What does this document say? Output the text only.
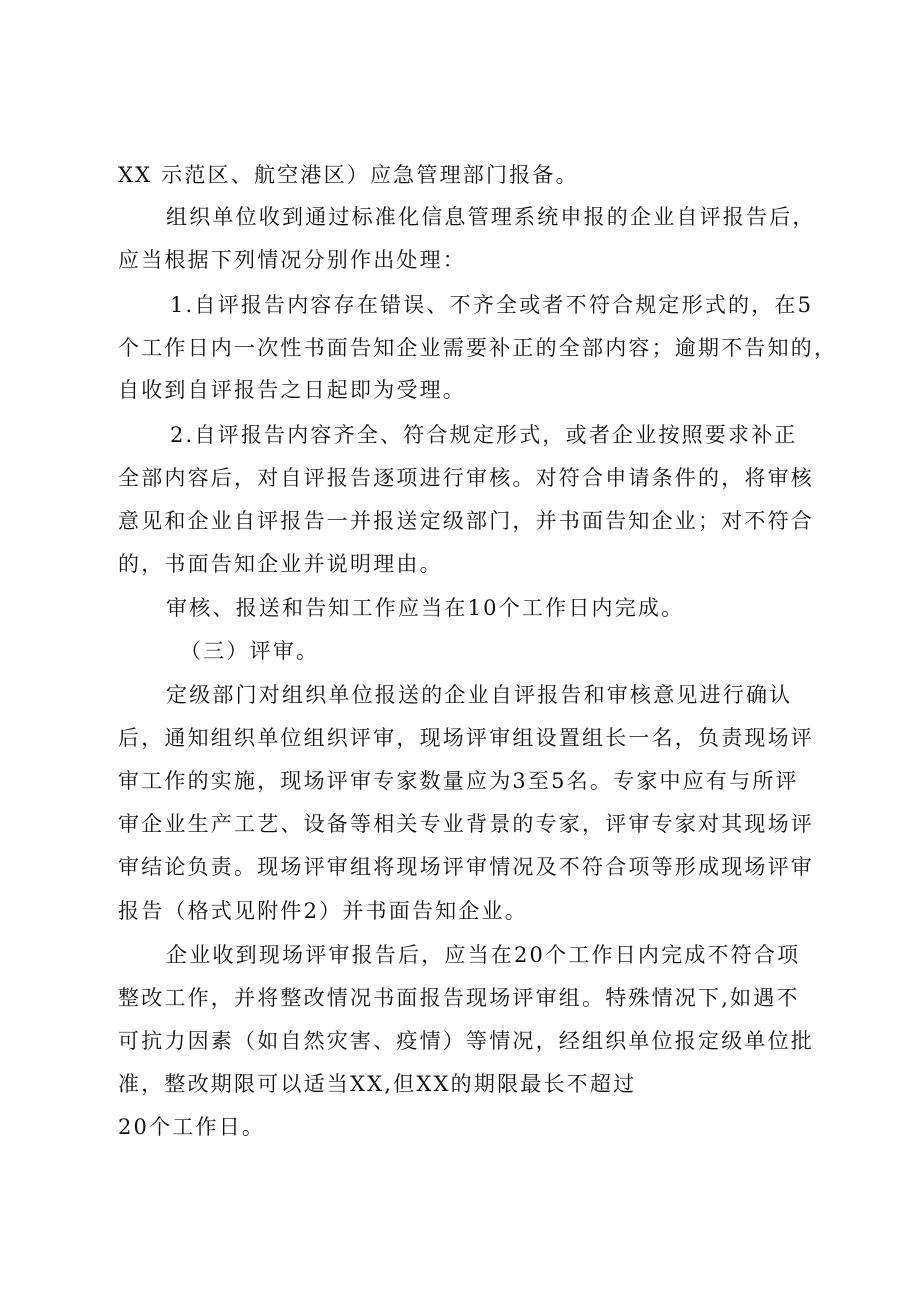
XX 示范区、航空港区）应急管理部门报备。
组织单位收到通过标准化信息管理系统申报的企业自评报告后，
应当根据下列情况分别作出处理：
1.自评报告内容存在错误、不齐全或者不符合规定形式的，在5
个工作日内一次性书面告知企业需要补正的全部内容；逾期不告知的，
自收到自评报告之日起即为受理。
2.自评报告内容齐全、符合规定形式，或者企业按照要求补正
全部内容后，对自评报告逐项进行审核。对符合申请条件的，将审核
意见和企业自评报告一并报送定级部门，并书面告知企业；对不符合
的，书面告知企业并说明理由。
审核、报送和告知工作应当在10个工作日内完成。
（三）评审。
定级部门对组织单位报送的企业自评报告和审核意见进行确认
后，通知组织单位组织评审，现场评审组设置组长一名，负责现场评
审工作的实施，现场评审专家数量应为3至5名。专家中应有与所评
审企业生产工艺、设备等相关专业背景的专家，评审专家对其现场评
审结论负责。现场评审组将现场评审情况及不符合项等形成现场评审
报告（格式见附件2）并书面告知企业。
企业收到现场评审报告后，应当在20个工作日内完成不符合项
整改工作，并将整改情况书面报告现场评审组。特殊情况下,如遇不
可抗力因素（如自然灾害、疫情）等情况，经组织单位报定级单位批
准，整改期限可以适当XX,但XX的期限最长不超过
20个工作日。
